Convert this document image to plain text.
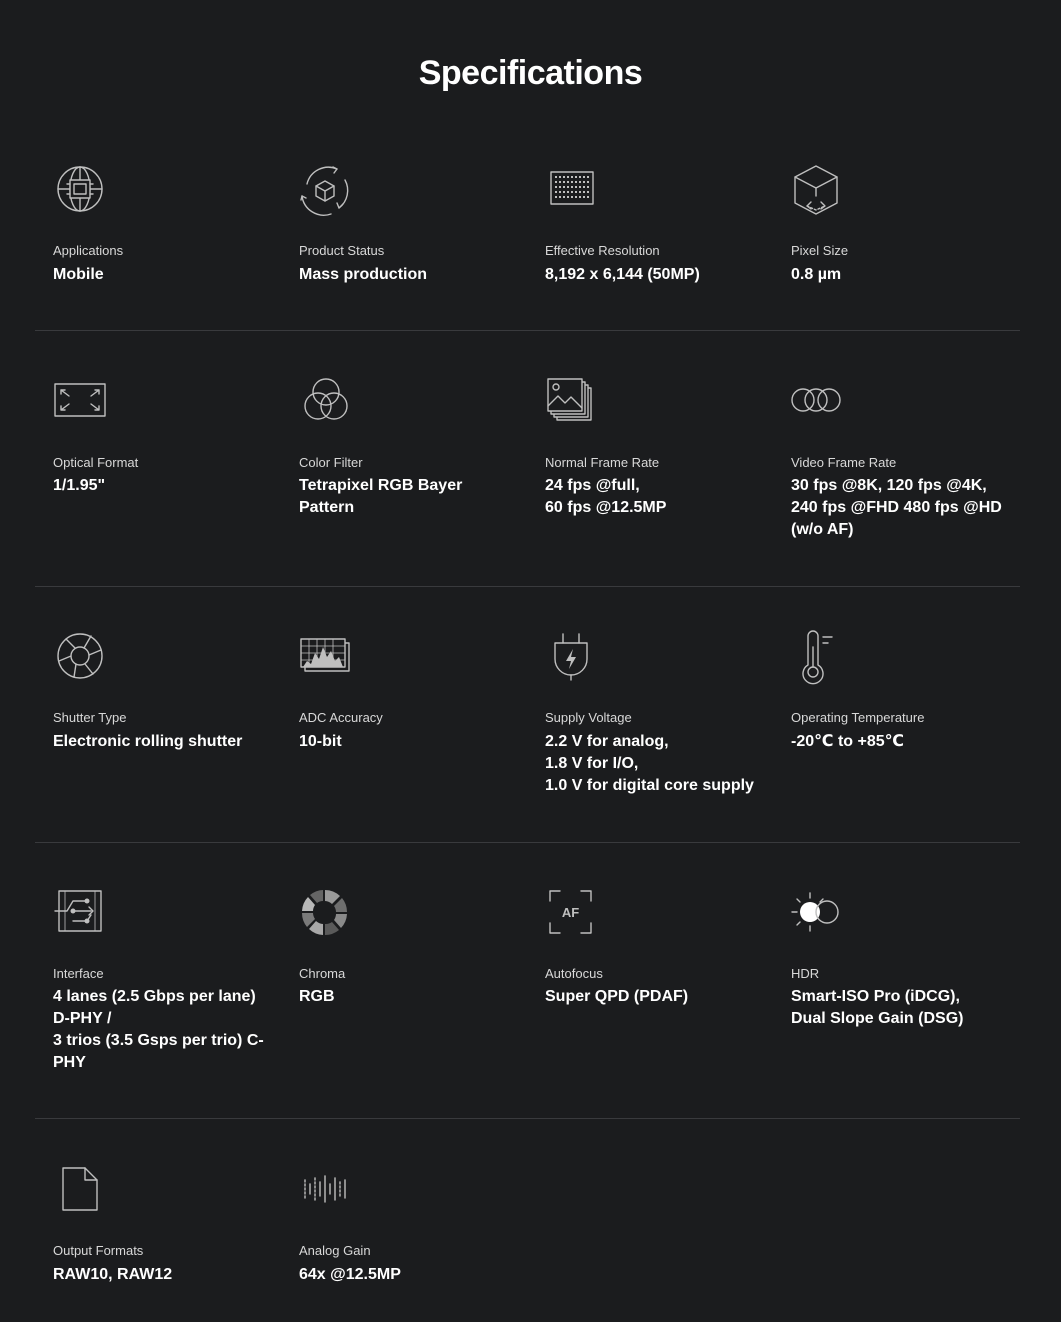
Specifications
Applications
Mobile
Product Status
Mass production
Effective Resolution
8,192 x 6,144 (50MP)
Pixel Size
0.8 µm
Optical Format
1/1.95"
Color Filter
Tetrapixel RGB Bayer
Pattern
Normal Frame Rate
24 fps @full,
60 fps @12.5MP
Video Frame Rate
30 fps @8K, 120 fps @4K,
240 fps @FHD 480 fps @HD
(w/o AF)
Shutter Type
Electronic rolling shutter
ADC Accuracy
10-bit
Supply Voltage
2.2 V for analog,
1.8 V for I/O,
1.0 V for digital core supply
Operating Temperature
-20℃ to +85℃
Interface
4 lanes (2.5 Gbps per lane)
D-PHY /
3 trios (3.5 Gsps per trio) C-
PHY
Chroma
RGB
AF
Autofocus
Super QPD (PDAF)
HDR
Smart-ISO Pro (iDCG),
Dual Slope Gain (DSG)
Output Formats
RAW10, RAW12
Analog Gain
64x @12.5MP
